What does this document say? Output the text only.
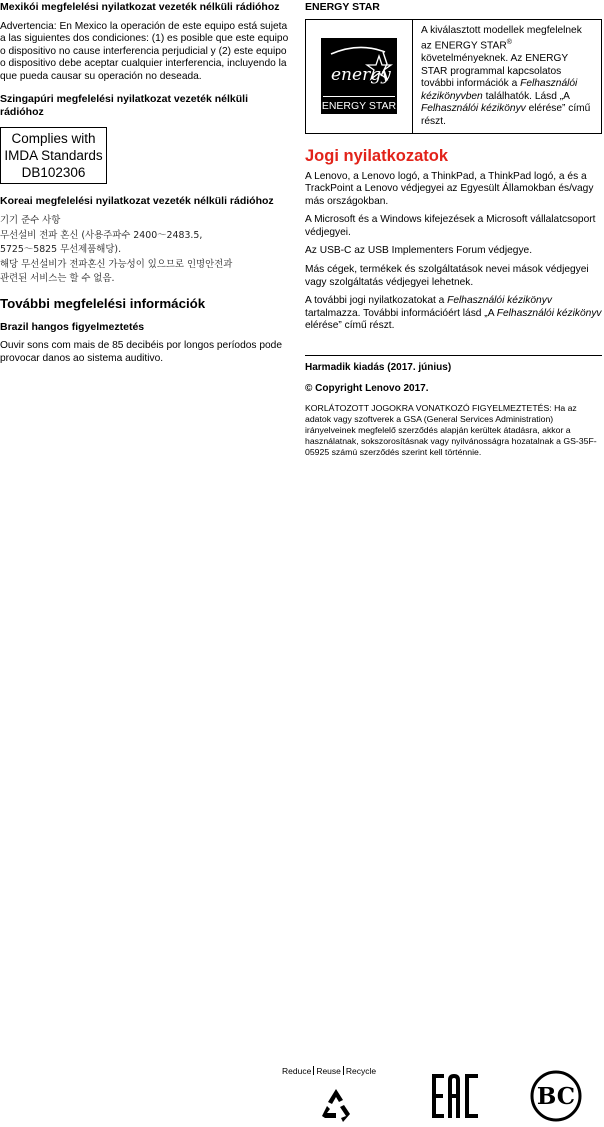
Mexikói megfelelési nyilatkozat vezeték nélküli rádióhoz

Advertencia: En Mexico la operación de este equipo está sujeta a las siguientes dos condiciones: (1) es posible que este equipo o dispositivo no cause interferencia perjudicial y (2) este equipo o dispositivo debe aceptar cualquier interferencia, incluyendo la que pueda causar su operación no deseada.

Szingapúri megfelelési nyilatkozat vezeték nélküli rádióhoz
Complies with
IMDA Standards
DB102306
Koreai megfelelési nyilatkozat vezeték nélküli rádióhoz
기기 준수 사항
무선설비 전파 혼신 (사용주파수 2400～2483.5,
5725～5825 무선제품해당).
해당 무선설비가 전파혼신 가능성이 있으므로 인명안전과
관련된 서비스는 할 수 없음.
További megfelelési információk
Brazil hangos figyelmeztetés

Ouvir sons com mais de 85 decibéis por longos períodos pode provocar danos ao sistema auditivo.

ENERGY STAR
energy
ENERGY STAR
A kiválasztott modellek megfelelnek az ENERGY STAR® követelményeknek. Az ENERGY STAR programmal kapcsolatos további információk a Felhasználói kézikönyvben találhatók. Lásd „A Felhasználói kézikönyv elérése” című részt.
Jogi nyilatkozatok

A Lenovo, a Lenovo logó, a ThinkPad, a ThinkPad logó, a és a TrackPoint a Lenovo védjegyei az Egyesült Államokban és/vagy más országokban.

A Microsoft és a Windows kifejezések a Microsoft vállalatcsoport védjegyei.

Az USB-C az USB Implementers Forum védjegye.

Más cégek, termékek és szolgáltatások nevei mások védjegyei vagy szolgáltatás védjegyei lehetnek.

A további jogi nyilatkozatokat a Felhasználói kézikönyv tartalmazza. További információért lásd „A Felhasználói kézikönyv elérése” című részt.

Harmadik kiadás (2017. június)
© Copyright Lenovo 2017.

KORLÁTOZOTT JOGOKRA VONATKOZÓ FIGYELMEZTETÉS: Ha az adatok vagy szoftverek a GSA (General Services Administration) irányelveinek megfelelő szerződés alapján kerültek átadásra, akkor a használatnak, sokszorosításnak vagy nyilvánosságra hozatalnak a GS-35F-05925 számú szerződés szerint kell történnie.

Reduce Reuse Recycle
BC
